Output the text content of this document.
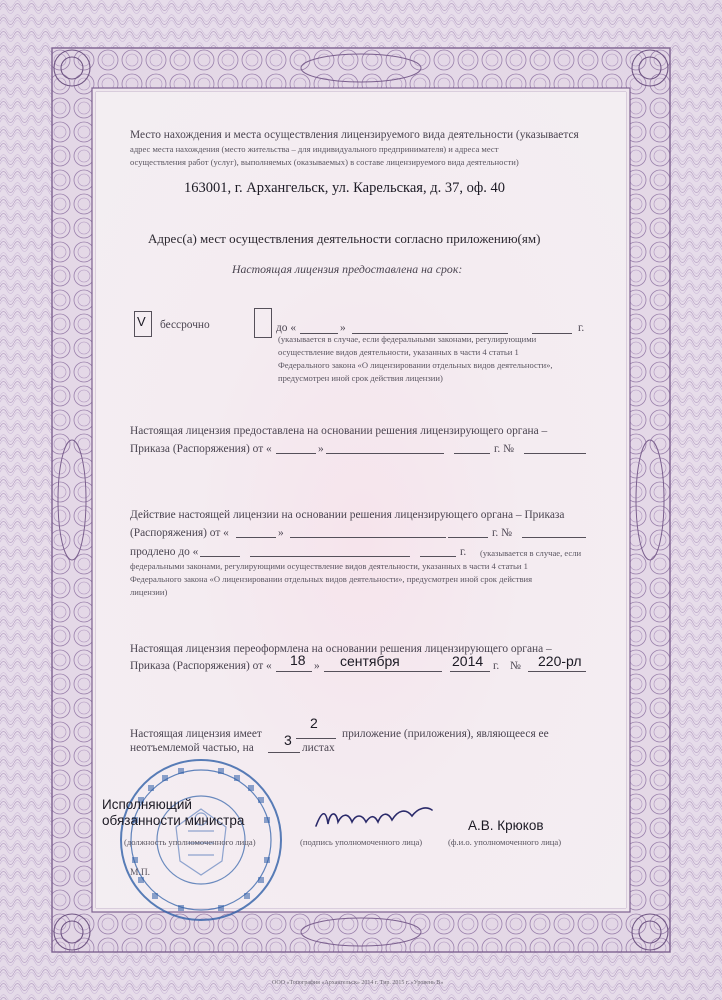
Место нахождения и места осуществления лицензируемого вида деятельности (указывается
адрес места нахождения (место жительства – для индивидуального предпринимателя) и адреса мест
осуществления работ (услуг), выполняемых (оказываемых) в составе лицензируемого вида деятельности)
163001, г. Архангельск, ул. Карельская, д. 37, оф. 40
Адрес(а) мест осуществления деятельности согласно приложению(ям)
Настоящая лицензия предоставлена на срок:
V бессрочно	до «	»	г.
(указывается в случае, если федеральными законами, регулирующими
осуществление видов деятельности, указанных в части 4 статьи 1
Федерального закона «О лицензировании отдельных видов деятельности»,
предусмотрен иной срок действия лицензии)
Настоящая лицензия предоставлена на основании решения лицензирующего органа –
Приказа (Распоряжения) от «	»	г. №
Действие настоящей лицензии на основании решения лицензирующего органа – Приказа
(Распоряжения) от «	»	г. №
продлено до «	г. (указывается в случае, если
федеральными законами, регулирующими осуществление видов деятельности, указанных в части 4 статьи 1
Федерального закона «О лицензировании отдельных видов деятельности», предусмотрен иной срок действия
лицензии)
Настоящая лицензия переоформлена на основании решения лицензирующего органа –
Приказа (Распоряжения) от « 18 » сентября	2014 г. № 220-рл
Настоящая лицензия имеет
2
приложение (приложения), являющееся ее
неотъемлемой частью, на 3 листах
Исполняющий
обязанности министра
(должность уполномоченного лица)	(подпись уполномоченного лица)
А.В. Крюков
(ф.и.о. уполномоченного лица)
М.П.
ООО «Топография «Архангельск» 2014 г. Тир. 2015 г. «Уровень В»
